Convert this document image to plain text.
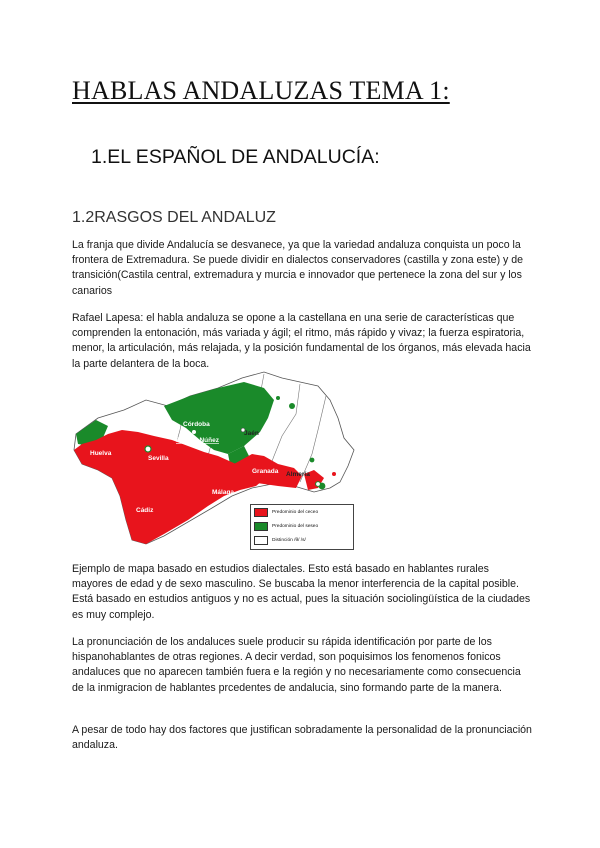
HABLAS ANDALUZAS TEMA 1:
1.EL ESPAÑOL DE ANDALUCÍA:
1.2RASGOS DEL ANDALUZ

La franja que divide Andalucía se desvanece, ya que la variedad andaluza conquista un poco la frontera de Extremadura. Se puede dividir en dialectos conservadores (castilla y zona este) y de transición(Castila central, extremadura y murcia e innovador que pertenece la zona del sur y los canarios

Rafael Lapesa: el habla andaluza se opone a la castellana en una serie de características que comprenden la entonación, más variada y ágil; el ritmo, más rápido y vivaz; la fuerza espiratoria, menor, la articulación, más relajada, y la posición fundamental de los órganos, más elevada hacia la parte delantera de la boca.

Córdoba
Jaén
Fernán Núñez
Huelva
Sevilla
Granada Almería
Málaga
Cádiz	Predominio del ceceo
Predominio del seseo
Distinción /θ/ /s/

Ejemplo de mapa basado en estudios dialectales. Esto está basado en hablantes rurales mayores de edad y de sexo masculino. Se buscaba la menor interferencia de la capital posible. Está basado en estudios antiguos y no es actual, pues la situación sociolingüística de la ciudades es muy complejo.

La pronunciación de los andaluces suele producir su rápida identificación por parte de los hispanohablantes de otras regiones. A decir verdad, son poquisimos los fenomenos fonicos andaluces que no aparecen también fuera e la región y no necesariamente como consecuencia de la inmigracion de hablantes prcedentes de andalucia, sino formando parte de la manera.

A pesar de todo hay dos factores que justifican sobradamente la personalidad de la pronunciación andaluza.
